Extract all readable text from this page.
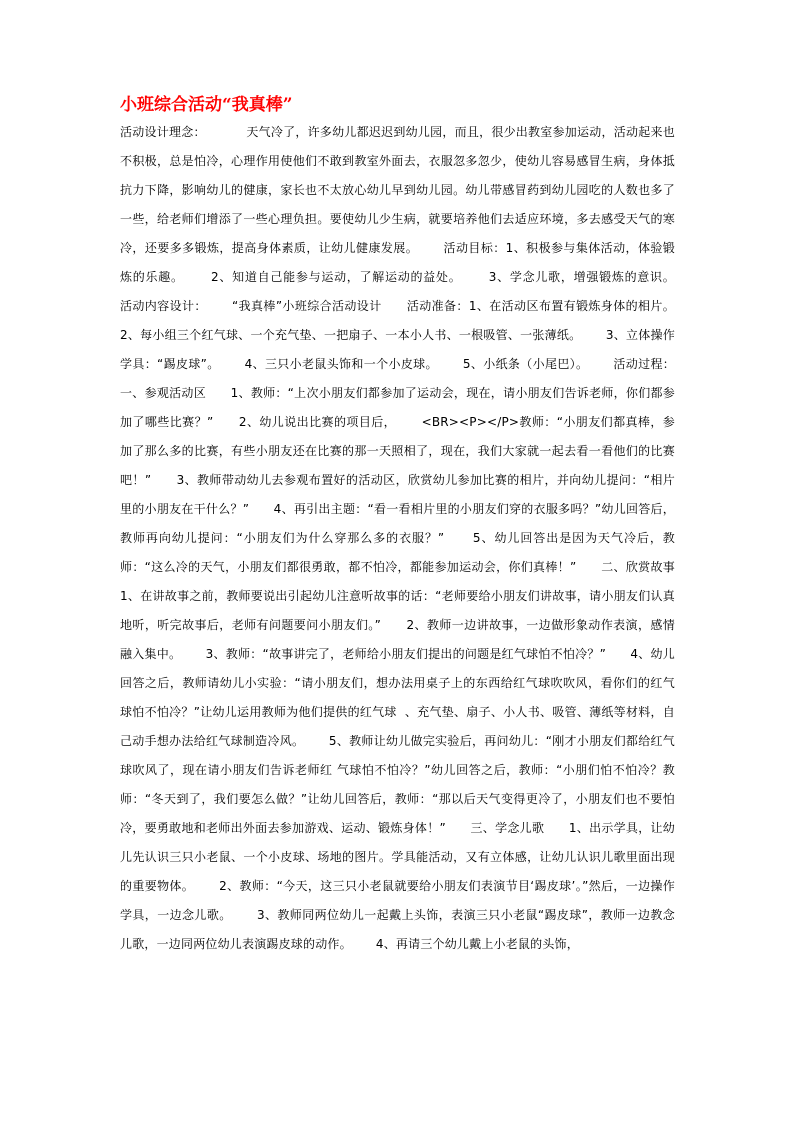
小班综合活动“我真棒”

活动设计理念：          天气冷了，许多幼儿都迟迟到幼儿园，而且，很少出教室参加运动，活动起来也不积极，总是怕冷，心理作用使他们不敢到教室外面去，衣服忽多忽少，使幼儿容易感冒生病，身体抵抗力下降，影响幼儿的健康，家长也不太放心幼儿早到幼儿园。幼儿带感冒药到幼儿园吃的人数也多了一些，给老师们增添了一些心理负担。要使幼儿少生病，就要培养他们去适应环境，多去感受天气的寒冷，还要多多锻炼，提高身体素质，让幼儿健康发展。      活动目标：1、积极参与集体活动，体验锻炼的乐趣。      2、知道自己能参与运动，了解运动的益处。      3、学念儿歌，增强锻炼的意识。      活动内容设计：      “我真棒”小班综合活动设计      活动准备：1、在活动区布置有锻炼身体的相片。      2、每小组三个红气球、一个充气垫、一把扇子、一本小人书、一根吸管、一张薄纸。      3、立体操作学具：“踢皮球”。      4、三只小老鼠头饰和一个小皮球。      5、小纸条（小尾巴）。      活动过程：      一、参观活动区      1、教师：“上次小朋友们都参加了运动会，现在，请小朋友们告诉老师，你们都参加了哪些比赛？”      2、幼儿说出比赛的项目后，      <BR><P></P>教师：“小朋友们都真棒，参加了那么多的比赛，有些小朋友还在比赛的那一天照相了，现在，我们大家就一起去看一看他们的比赛吧！”      3、教师带动幼儿去参观布置好的活动区，欣赏幼儿参加比赛的相片，并向幼儿提问：“相片里的小朋友在干什么？”      4、再引出主题：“看一看相片里的小朋友们穿的衣服多吗？”幼儿回答后，教师再向幼儿提问：“小朋友们为什么穿那么多的衣服？”      5、幼儿回答出是因为天气冷后，教师：“这么冷的天气，小朋友们都很勇敢，都不怕冷，都能参加运动会，你们真棒！”      二、欣赏故事      1、在讲故事之前，教师要说出引起幼儿注意听故事的话：“老师要给小朋友们讲故事，请小朋友们认真地听，听完故事后，老师有问题要问小朋友们。”      2、教师一边讲故事，一边做形象动作表演，感情融入集中。      3、教师：“故事讲完了，老师给小朋友们提出的问题是红气球怕不怕冷？”      4、幼儿回答之后，教师请幼儿小实验：“请小朋友们，想办法用桌子上的东西给红气球吹吹风，看你们的红气球怕不怕冷？”让幼儿运用教师为他们提供的红气球  、充气垫、扇子、小人书、吸管、薄纸等材料，自己动手想办法给红气球制造冷风。      5、教师让幼儿做完实验后，再问幼儿：“刚才小朋友们都给红气球吹风了，现在请小朋友们告诉老师红 气球怕不怕冷？”幼儿回答之后，教师：“小朋们怕不怕冷？教师：“冬天到了，我们要怎么做？”让幼儿回答后，教师：“那以后天气变得更冷了，小朋友们也不要怕冷，要勇敢地和老师出外面去参加游戏、运动、锻炼身体！”      三、学念儿歌      1、出示学具，让幼儿先认识三只小老鼠、一个小皮球、场地的图片。学具能活动，又有立体感，让幼儿认识儿歌里面出现的重要物体。      2、教师：“今天，这三只小老鼠就要给小朋友们表演节目‘踢皮球’。”然后，一边操作学具，一边念儿歌。      3、教师同两位幼儿一起戴上头饰，表演三只小老鼠“踢皮球”，教师一边教念儿歌，一边同两位幼儿表演踢皮球的动作。      4、再请三个幼儿戴上小老鼠的头饰，
